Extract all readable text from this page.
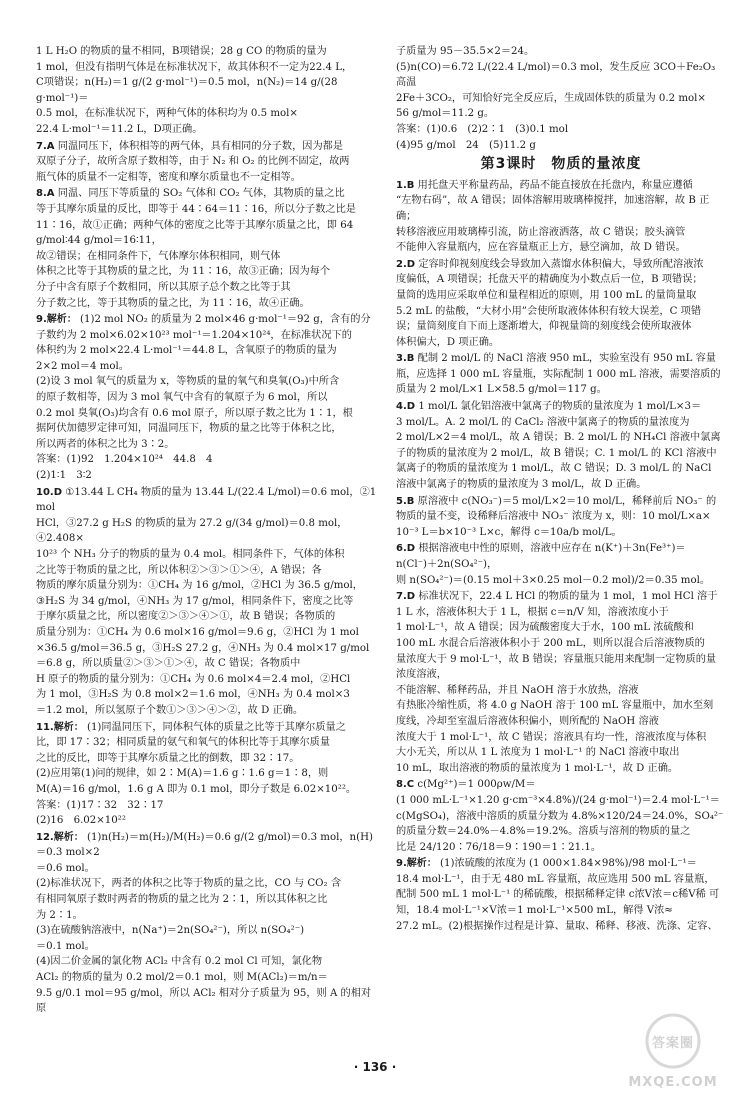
1 L H₂O 的物质的量不相同，B项错误；28 g CO 的物质的量为

1 mol，但没有指明气体是在标准状况下，故其体积不一定为22.4 L，

C项错误；n(H₂)＝1 g/(2 g·mol⁻¹)＝0.5 mol，n(N₂)＝14 g/(28 g·mol⁻¹)＝

0.5 mol，在标准状况下，两种气体的体积均为 0.5 mol×

22.4 L·mol⁻¹＝11.2 L，D项正确。

7.A 同温同压下，体积相等的两气体，具有相同的分子数，因为都是

双原子分子，故所含原子数相等，由于 N₂ 和 O₂ 的比例不固定，故两

瓶气体的质量不一定相等，密度和摩尔质量也不一定相等。

8.A 同温、同压下等质量的 SO₂ 气体和 CO₂ 气体，其物质的量之比

等于其摩尔质量的反比，即等于 44∶64＝11∶16，所以分子数之比是

11∶16，故①正确；两种气体的密度之比等于其摩尔质量之比，即 64 g/mol∶44 g/mol＝16∶11，

故②错误；在相同条件下，气体摩尔体积相同，则气体

体积之比等于其物质的量之比，为 11∶16，故③正确；因为每个

分子中含有原子个数相同，所以其原子总个数之比等于其

分子数之比，等于其物质的量之比，为 11∶16，故④正确。

9.解析： (1)2 mol NO₂ 的质量为 2 mol×46 g·mol⁻¹＝92 g，含有的分

子数约为 2 mol×6.02×10²³ mol⁻¹＝1.204×10²⁴，在标准状况下的

体积约为 2 mol×22.4 L·mol⁻¹＝44.8 L，含氧原子的物质的量为

2×2 mol＝4 mol。

(2)设 3 mol 氧气的质量为 x，等物质的量的氧气和臭氧(O₃)中所含

的原子数相等，因为 3 mol 氧气中含有的氧原子为 6 mol，所以

0.2 mol 臭氧(O₃)均含有 0.6 mol 原子，所以原子数之比为 1∶1，根

据阿伏加德罗定律可知，同温同压下，物质的量之比等于体积之比，

所以两者的体积之比为 3∶2。

答案：(1)92　1.204×10²⁴　44.8　4

(2)1∶1　3∶2

10.D ①13.44 L CH₄ 物质的量为 13.44 L/(22.4 L/mol)＝0.6 mol，②1 mol

HCl，③27.2 g H₂S 的物质的量为 27.2 g/(34 g/mol)＝0.8 mol，④2.408×

10²³ 个 NH₃ 分子的物质的量为 0.4 mol。相同条件下，气体的体积

之比等于物质的量之比，所以体积②＞③＞①＞④，A 错误；各

物质的摩尔质量分别为：①CH₄ 为 16 g/mol，②HCl 为 36.5 g/mol，

③H₂S 为 34 g/mol，④NH₃ 为 17 g/mol，相同条件下，密度之比等

于摩尔质量之比，所以密度②＞③＞④＞①，故 B 错误；各物质的

质量分别为：①CH₄ 为 0.6 mol×16 g/mol＝9.6 g，②HCl 为 1 mol

×36.5 g/mol＝36.5 g，③H₂S 27.2 g，④NH₃ 为 0.4 mol×17 g/mol

＝6.8 g，所以质量②＞③＞①＞④，故 C 错误；各物质中

H 原子的物质的量分别为：①CH₄ 为 0.6 mol×4＝2.4 mol，②HCl

为 1 mol，③H₂S 为 0.8 mol×2＝1.6 mol，④NH₃ 为 0.4 mol×3

＝1.2 mol，所以氢原子个数①＞③＞④＞②，故 D 正确。

11.解析： (1)同温同压下，同体积气体的质量之比等于其摩尔质量之

比，即 17∶32；相同质量的氨气和氧气的体积比等于其摩尔质量

之比的反比，即等于其摩尔质量之比的倒数，即 32∶17。

(2)应用第(1)问的规律，如 2∶M(A)＝1.6 g∶1.6 g＝1∶8，则

M(A)＝16 g/mol，1.6 g A 即为 0.1 mol，即分子数是 6.02×10²²。

答案：(1)17∶32　32∶17

(2)16　6.02×10²²

12.解析： (1)n(H₂)＝m(H₂)/M(H₂)＝0.6 g/(2 g/mol)＝0.3 mol，n(H)＝0.3 mol×2

＝0.6 mol。

(2)标准状况下，两者的体积之比等于物质的量之比，CO 与 CO₂ 含

有相同氧原子数时两者的物质的量之比为 2∶1，所以其体积之比

为 2∶1。

(3)在硫酸钠溶液中，n(Na⁺)＝2n(SO₄²⁻)，所以 n(SO₄²⁻)

＝0.1 mol。

(4)因二价金属的氯化物 ACl₂ 中含有 0.2 mol Cl 可知，氯化物

ACl₂ 的物质的量为 0.2 mol/2＝0.1 mol，则 M(ACl₂)＝m/n＝

9.5 g/0.1 mol＝95 g/mol，所以 ACl₂ 相对分子质量为 95，则 A 的相对原

子质量为 95－35.5×2＝24。

(5)n(CO)＝6.72 L/(22.4 L/mol)＝0.3 mol，发生反应 3CO＋Fe₂O₃ 高温

2Fe＋3CO₂，可知恰好完全反应后，生成固体铁的质量为 0.2 mol×

56 g/mol＝11.2 g。

答案：(1)0.6　(2)2∶1　(3)0.1 mol

(4)95 g/mol　24　(5)11.2 g

第3课时　物质的量浓度

1.B 用托盘天平称量药品，药品不能直接放在托盘内，称量应遵循

“左物右码”，故 A 错误；固体溶解用玻璃棒搅拌，加速溶解，故 B 正确；

转移溶液应用玻璃棒引流，防止溶液洒落，故 C 错误；胶头滴管

不能伸入容量瓶内，应在容量瓶正上方，悬空滴加，故 D 错误。

2.D 定容时仰视刻度线会导致加入蒸馏水体积偏大，导致所配溶液浓

度偏低，A 项错误；托盘天平的精确度为小数点后一位，B 项错误；

量筒的选用应采取单位和量程相近的原则，用 100 mL 的量筒量取

5.2 mL 的盐酸，“大材小用”会使所取液体体积有较大误差，C 项错

误；量筒刻度自下而上逐渐增大，仰视量筒的刻度线会使所取液体

体积偏大，D 项正确。

3.B 配制 2 mol/L 的 NaCl 溶液 950 mL，实验室没有 950 mL 容量

瓶，应选择 1 000 mL 容量瓶，实际配制 1 000 mL 溶液，需要溶质的

质量为 2 mol/L×1 L×58.5 g/mol＝117 g。

4.D 1 mol/L 氯化铝溶液中氯离子的物质的量浓度为 1 mol/L×3＝

3 mol/L。A. 2 mol/L 的 CaCl₂ 溶液中氯离子的物质的量浓度为

2 mol/L×2＝4 mol/L，故 A 错误；B. 2 mol/L 的 NH₄Cl 溶液中氯离

子的物质的量浓度为 2 mol/L，故 B 错误；C. 1 mol/L 的 KCl 溶液中

氯离子的物质的量浓度为 1 mol/L，故 C 错误；D. 3 mol/L 的 NaCl

溶液中氯离子的物质的量浓度为 3 mol/L，故 D 正确。

5.B 原溶液中 c(NO₃⁻)＝5 mol/L×2＝10 mol/L，稀释前后 NO₃⁻ 的

物质的量不变，设稀释后溶液中 NO₃⁻ 浓度为 x，则：10 mol/L×a×

10⁻³ L＝b×10⁻³ L×c，解得 c＝10a/b mol/L。

6.D 根据溶液电中性的原则，溶液中应存在 n(K⁺)＋3n(Fe³⁺)＝

n(Cl⁻)＋2n(SO₄²⁻)，

则 n(SO₄²⁻)＝(0.15 mol＋3×0.25 mol－0.2 mol)/2＝0.35 mol。

7.D 标准状况下，22.4 L HCl 的物质的量为 1 mol，1 mol HCl 溶于

1 L 水，溶液体积大于 1 L，根据 c＝n/V 知，溶液浓度小于

1 mol·L⁻¹，故 A 错误；因为硫酸密度大于水，100 mL 浓硫酸和

100 mL 水混合后溶液体积小于 200 mL，则所以混合后溶液物质的

量浓度大于 9 mol·L⁻¹，故 B 错误；容量瓶只能用来配制一定物质的量浓度溶液，

不能溶解、稀释药品，并且 NaOH 溶于水放热，溶液

有热胀冷缩性质，将 4.0 g NaOH 溶于 100 mL 容量瓶中，加水至刻

度线，冷却至室温后溶液体积偏小，则所配的 NaOH 溶液

浓度大于 1 mol·L⁻¹，故 C 错误；溶液具有均一性，溶液浓度与体积

大小无关，所以从 1 L 浓度为 1 mol·L⁻¹ 的 NaCl 溶液中取出

10 mL，取出溶液的物质的量浓度为 1 mol·L⁻¹，故 D 正确。

8.C c(Mg²⁺)＝1 000ρw/M＝

(1 000 mL·L⁻¹×1.20 g·cm⁻³×4.8%)/(24 g·mol⁻¹)＝2.4 mol·L⁻¹＝

c(MgSO₄)，溶液中溶质的质量分数为 4.8%×120/24＝24.0%，SO₄²⁻

的质量分数＝24.0%－4.8%＝19.2%。溶质与溶剂的物质的量之

比是 24/120∶76/18＝9∶190＝1∶21.1。

9.解析： (1)浓硫酸的浓度为 (1 000×1.84×98%)/98 mol·L⁻¹＝

18.4 mol·L⁻¹，由于无 480 mL 容量瓶，故应选用 500 mL 容量瓶，

配制 500 mL 1 mol·L⁻¹ 的稀硫酸，根据稀释定律 c浓V浓＝c稀V稀 可

知，18.4 mol·L⁻¹×V浓＝1 mol·L⁻¹×500 mL，解得 V浓≈

27.2 mL。(2)根据操作过程是计算、量取、稀释、移液、洗涤、定容、

· 136 ·
答案圈
MXQE.COM
